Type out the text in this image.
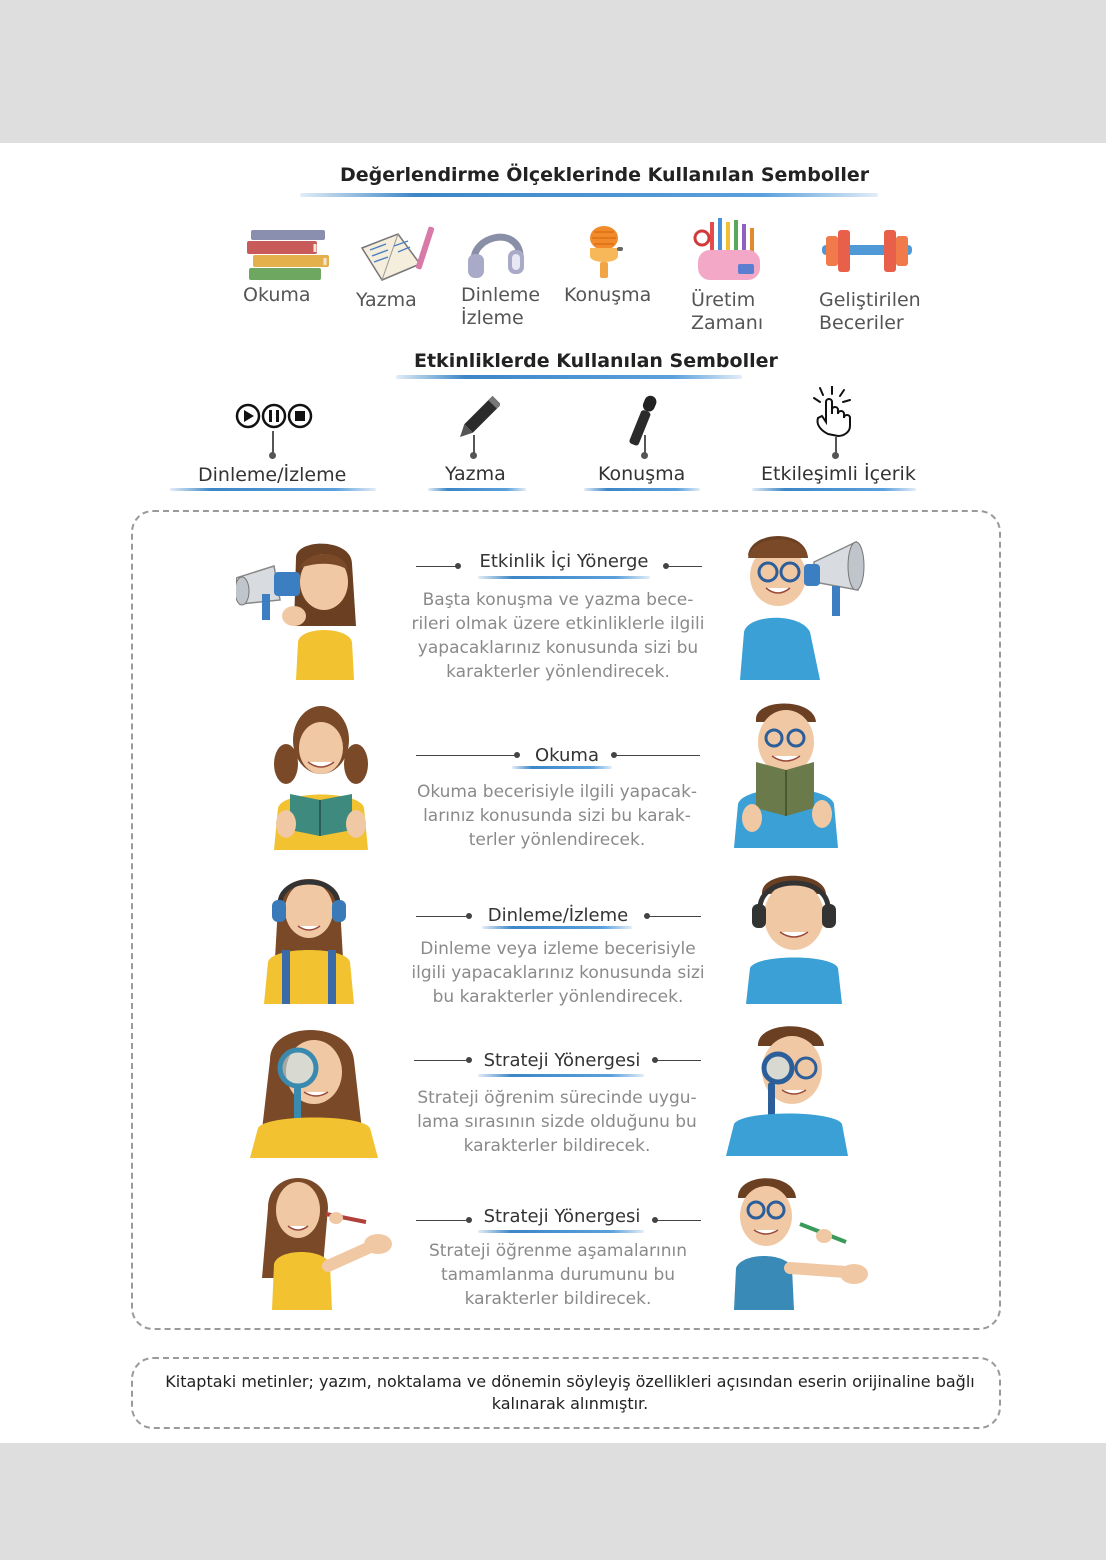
Değerlendirme Ölçeklerinde Kullanılan Semboller
Okuma Yazma Dinleme
İzleme
Konuşma Üretim
Zamanı
Geliştirilen
Beceriler
Etkinliklerde Kullanılan Semboller
Dinleme/İzleme	Yazma	Konuşma	Etkileşimli İçerik
Etkinlik İçi Yönerge
Başta konuşma ve yazma bece-rileri olmak üzere etkinliklerle ilgili yapacaklarınız konusunda sizi bu karakterler yönlendirecek.
Okuma
Okuma becerisiyle ilgili yapacak-larınız konusunda sizi bu karak-terler yönlendirecek.
Dinleme/İzleme
Dinleme veya izleme becerisiyle ilgili yapacaklarınız konusunda sizi bu karakterler yönlendirecek.
Strateji Yönergesi
Strateji öğrenim sürecinde uygu-lama sırasının sizde olduğunu bu karakterler bildirecek.
Strateji Yönergesi
Strateji öğrenme aşamalarının tamamlanma durumunu bu karakterler bildirecek.
Kitaptaki metinler; yazım, noktalama ve dönemin söyleyiş özellikleri açısından eserin orijinaline bağlı kalınarak alınmıştır.
